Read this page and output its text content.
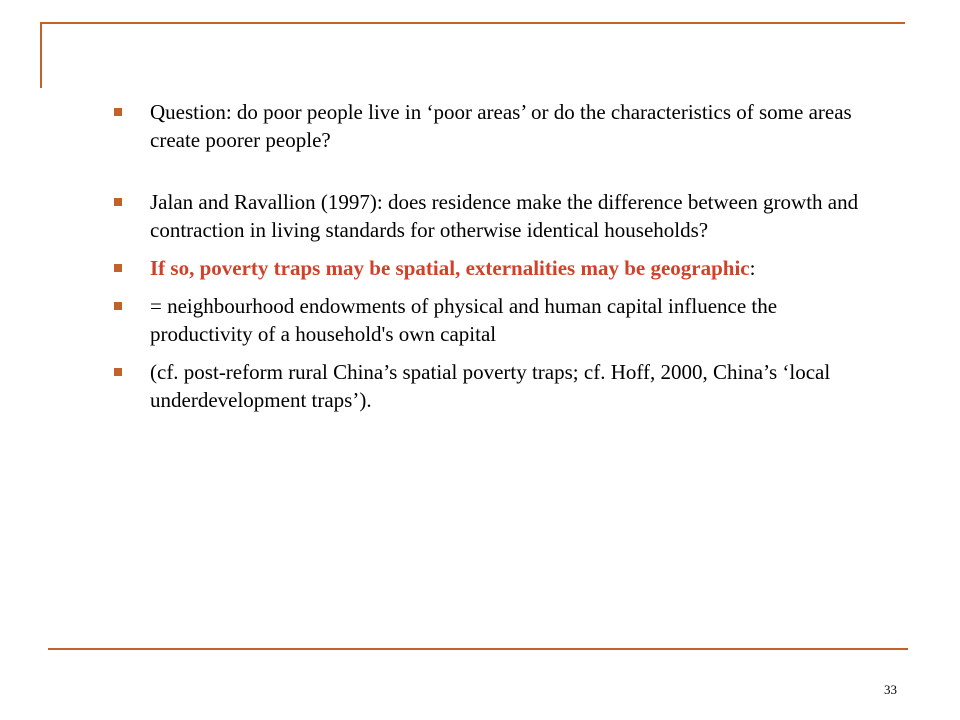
Question: do poor people live in ‘poor areas’ or do the characteristics of some areas create poorer people?
Jalan and Ravallion (1997): does residence make the difference between growth and contraction in living standards for otherwise identical households?
If so, poverty traps may be spatial, externalities may be geographic:
= neighbourhood endowments of physical and human capital influence the productivity of a household's own capital
(cf. post-reform rural China’s spatial poverty traps; cf. Hoff, 2000, China’s ‘local underdevelopment traps’).
33
